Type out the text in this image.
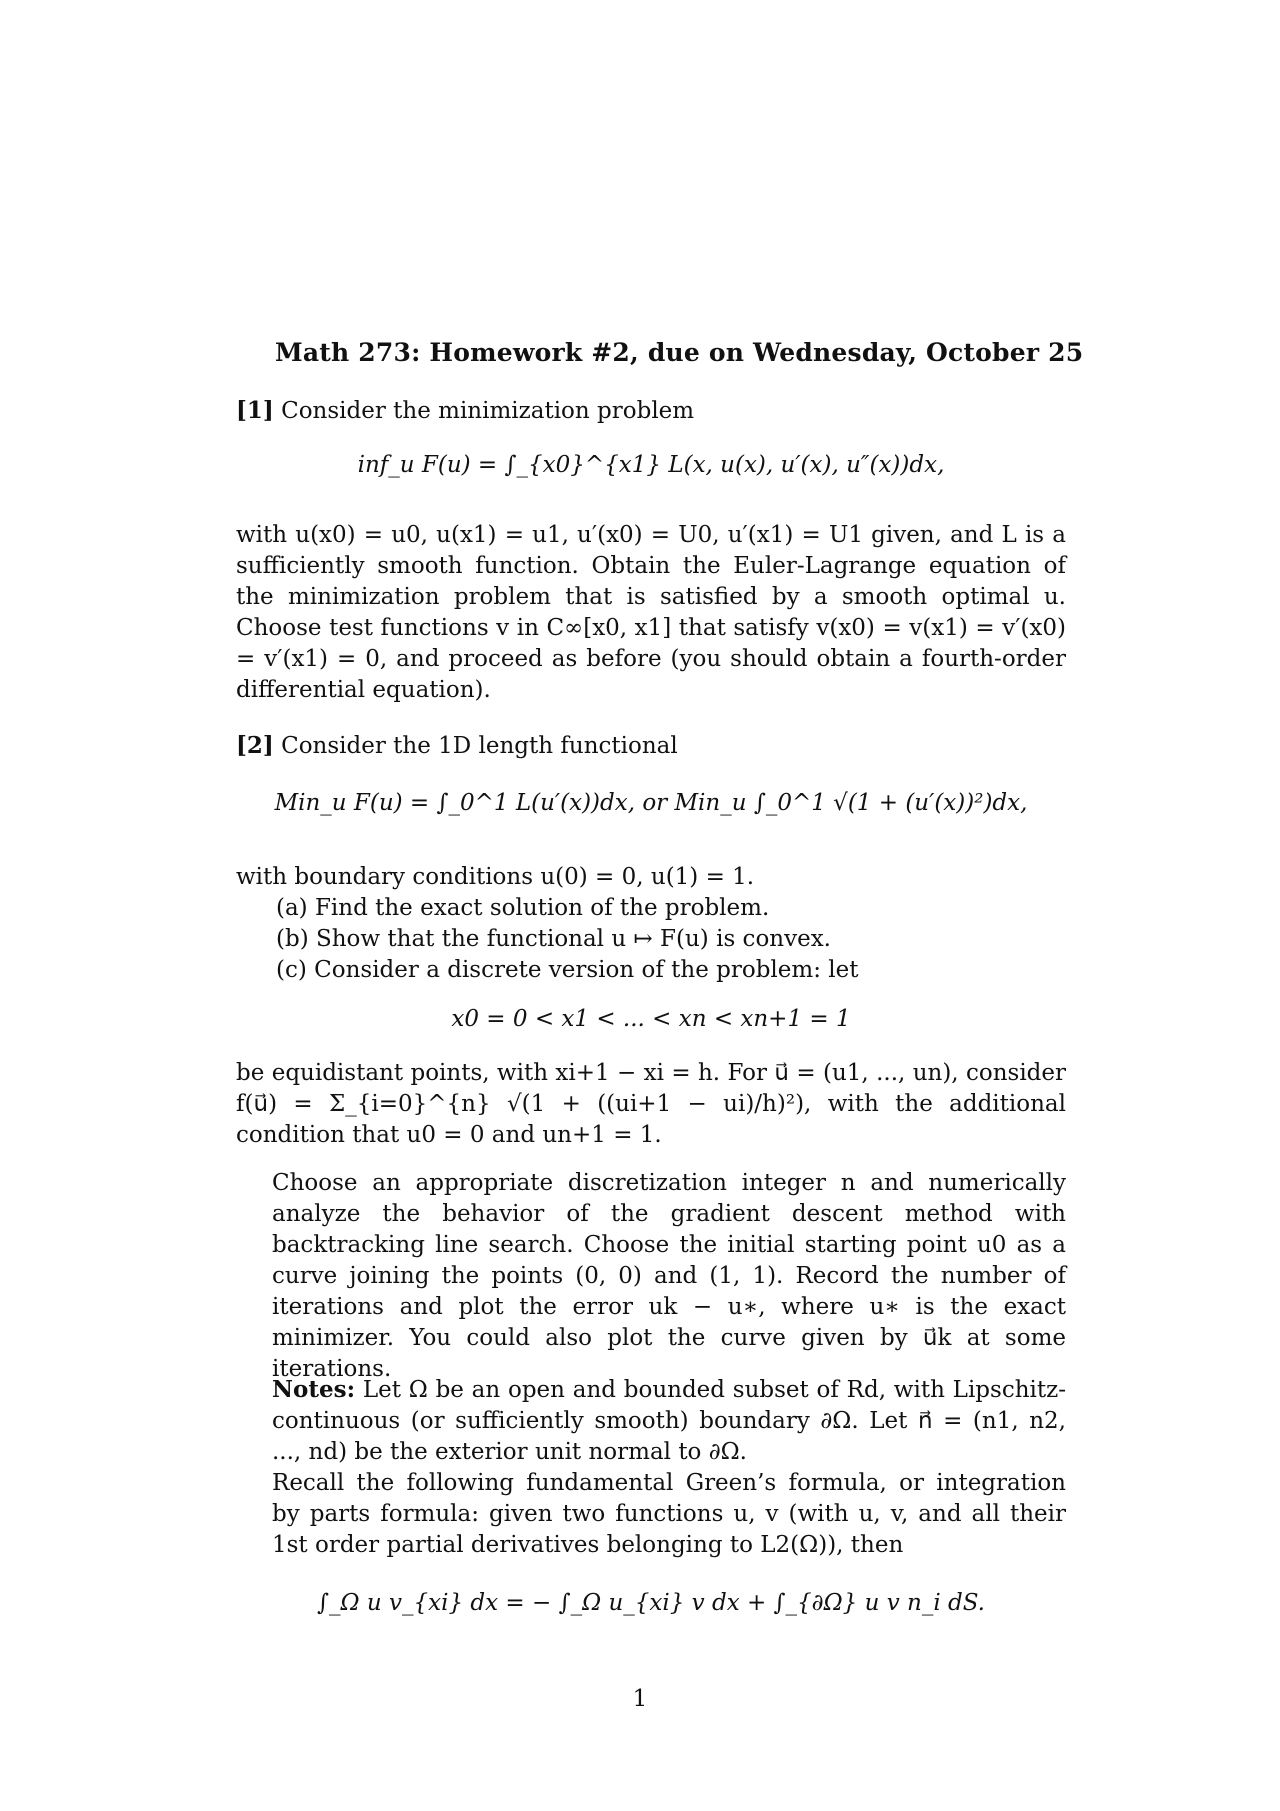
Math 273: Homework #2, due on Wednesday, October 25
[1] Consider the minimization problem
inf_u F(u) = ∫_{x0}^{x1} L(x, u(x), u′(x), u″(x))dx,
with u(x0) = u0, u(x1) = u1, u′(x0) = U0, u′(x1) = U1 given, and L is a sufficiently smooth function. Obtain the Euler-Lagrange equation of the minimization problem that is satisfied by a smooth optimal u. Choose test functions v in C∞[x0, x1] that satisfy v(x0) = v(x1) = v′(x0) = v′(x1) = 0, and proceed as before (you should obtain a fourth-order differential equation).
[2] Consider the 1D length functional
Min_u F(u) = ∫_0^1 L(u′(x))dx, or Min_u ∫_0^1 √(1 + (u′(x))²)dx,
with boundary conditions u(0) = 0, u(1) = 1.
(a) Find the exact solution of the problem.
(b) Show that the functional u ↦ F(u) is convex.
(c) Consider a discrete version of the problem: let
x0 = 0 < x1 < ... < xn < xn+1 = 1
be equidistant points, with xi+1 − xi = h. For u⃗ = (u1, ..., un), consider f(u⃗) = Σ_{i=0}^{n} √(1 + ((ui+1 − ui)/h)²), with the additional condition that u0 = 0 and un+1 = 1.
Choose an appropriate discretization integer n and numerically analyze the behavior of the gradient descent method with backtracking line search. Choose the initial starting point u0 as a curve joining the points (0, 0) and (1, 1). Record the number of iterations and plot the error uk − u∗, where u∗ is the exact minimizer. You could also plot the curve given by u⃗k at some iterations.
Notes: Let Ω be an open and bounded subset of Rd, with Lipschitz-continuous (or sufficiently smooth) boundary ∂Ω. Let n⃗ = (n1, n2, ..., nd) be the exterior unit normal to ∂Ω.
Recall the following fundamental Green’s formula, or integration by parts formula: given two functions u, v (with u, v, and all their 1st order partial derivatives belonging to L2(Ω)), then
∫_Ω u v_{xi} dx = − ∫_Ω u_{xi} v dx + ∫_{∂Ω} u v n_i dS.
1
